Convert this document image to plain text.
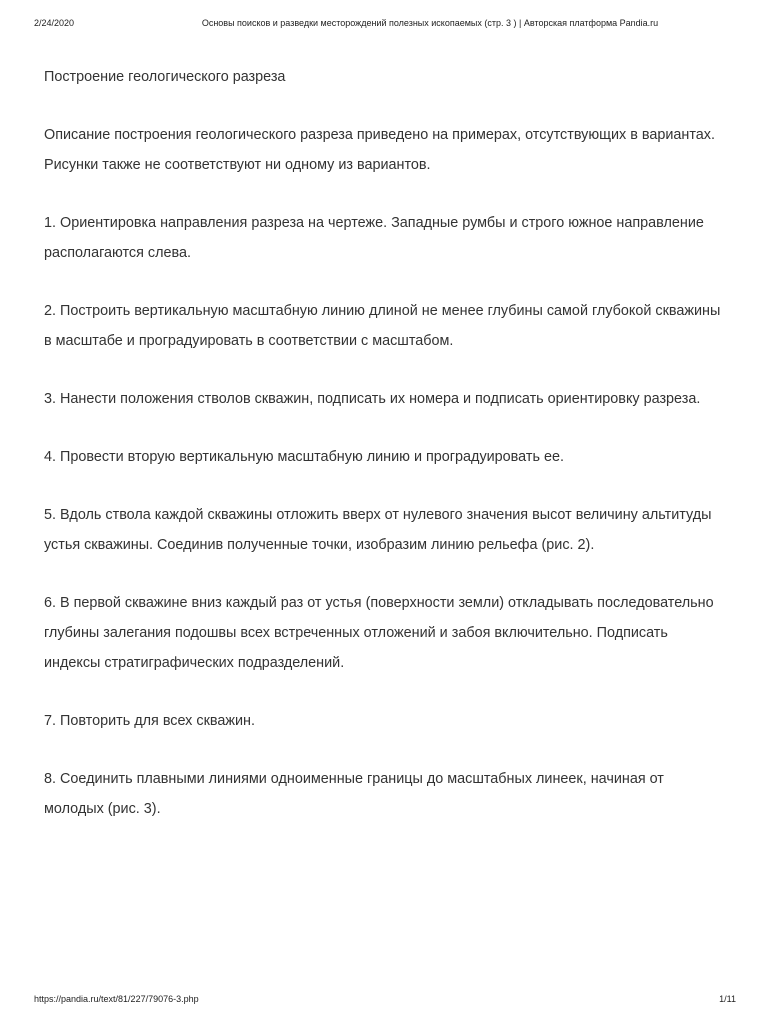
2/24/2020	Основы поисков и разведки месторождений полезных ископаемых (стр. 3 ) | Авторская платформа Pandia.ru

Построение геологического разреза

Описание построения геологического разреза приведено на примерах, отсутствующих в вариантах. Рисунки также не соответствуют ни одному из вариантов.

1. Ориентировка направления разреза на чертеже. Западные румбы и строго южное направление располагаются слева.

2. Построить вертикальную масштабную линию длиной не менее глубины самой глубокой скважины в масштабе и проградуировать в соответствии с масштабом.

3. Нанести положения стволов скважин, подписать их номера и подписать ориентировку разреза.

4. Провести вторую вертикальную масштабную линию и проградуировать ее.

5. Вдоль ствола каждой скважины отложить вверх от нулевого значения высот величину альтитуды устья скважины. Соединив полученные точки, изобразим линию рельефа (рис. 2).

6. В первой скважине вниз каждый раз от устья (поверхности земли) откладывать последовательно глубины залегания подошвы всех встреченных отложений и забоя включительно. Подписать индексы стратиграфических подразделений.

7. Повторить для всех скважин.

8. Соединить плавными линиями одноименные границы до масштабных линеек, начиная от молодых (рис. 3).

https://pandia.ru/text/81/227/79076-3.php	1/11
